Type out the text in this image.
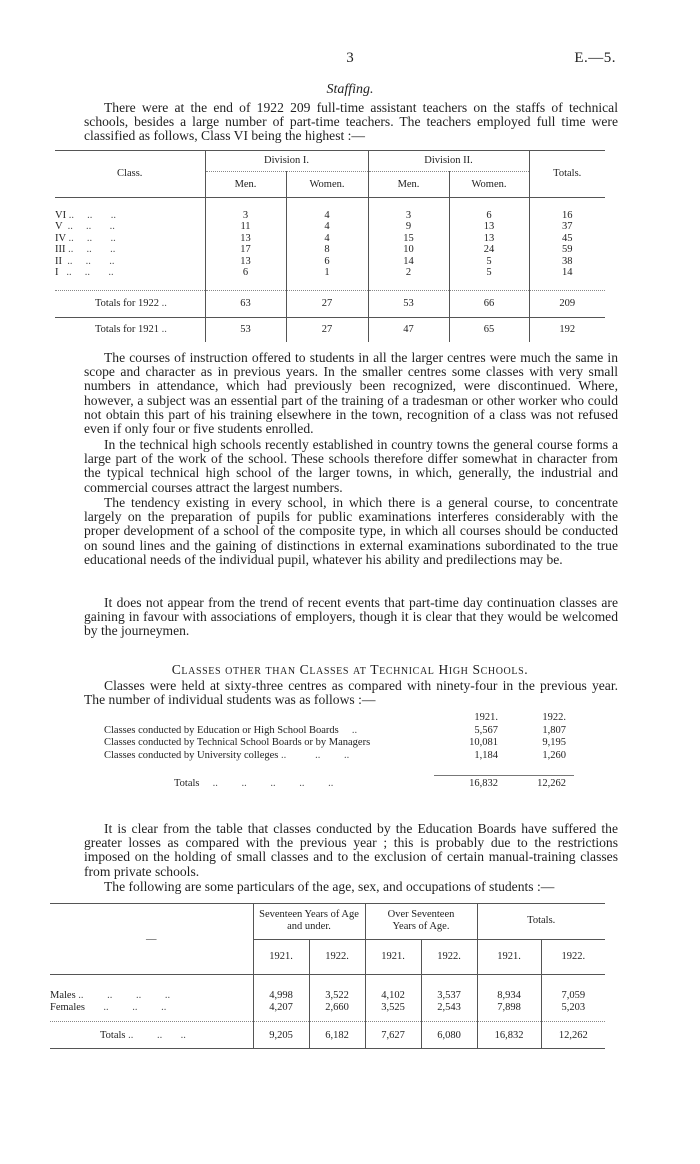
3	E.—5.
Staffing.

There were at the end of 1922 209 full-time assistant teachers on the staffs of technical schools, besides a large number of part-time teachers. The teachers employed full time were classified as follows, Class VI being the highest :—

Class.	Division I.		Division II.		Totals.
	Men.	Women.	Men.	Women.	

VI ..     ..       ..	3	4	3	6	16
V  ..     ..       ..	11	4	9	13	37
IV ..     ..       ..	13	4	15	13	45
III ..     ..       ..	17	8	10	24	59
II  ..     ..       ..	13	6	14	5	38
I   ..     ..       ..	6	1	2	5	14

Totals for 1922 ..	63	27	53	66	209
Totals for 1921 ..	53	27	47	65	192

The courses of instruction offered to students in all the larger centres were much the same in scope and character as in previous years. In the smaller centres some classes with very small numbers in attendance, which had previously been recognized, were discontinued. Where, however, a subject was an essential part of the training of a tradesman or other worker who could not obtain this part of his training elsewhere in the town, recognition of a class was not refused even if only four or five students enrolled.

In the technical high schools recently established in country towns the general course forms a large part of the work of the school. These schools therefore differ somewhat in character from the typical technical high school of the larger towns, in which, generally, the industrial and commercial courses attract the largest numbers.

The tendency existing in every school, in which there is a general course, to concentrate largely on the preparation of pupils for public examinations interferes considerably with the proper development of a school of the composite type, in which all courses should be conducted on sound lines and the gaining of distinctions in external examinations subordinated to the true educational needs of the individual pupil, whatever his ability and predilections may be.

It does not appear from the trend of recent events that part-time day continuation classes are gaining in favour with associations of employers, though it is clear that they would be welcomed by the journeymen.

Classes other than Classes at Technical High Schools.

Classes were held at sixty-three centres as compared with ninety-four in the previous year. The number of individual students was as follows :—

	1921.	1922.
Classes conducted by Education or High School Boards     ..	5,567	1,807
Classes conducted by Technical School Boards or by Managers	10,081	9,195
Classes conducted by University colleges ..           ..         ..	1,184	1,260

Totals     ..         ..         ..         ..         ..	16,832	12,262

It is clear from the table that classes conducted by the Education Boards have suffered the greater losses as compared with the previous year ; this is probably due to the restrictions imposed on the holding of small classes and to the exclusion of certain manual-training classes from private schools.

The following are some particulars of the age, sex, and occupations of students :—

—	Seventeen Years of Age and under.		Over Seventeen Years of Age.		Totals.	
	1921.	1922.	1921.	1922.	1921.	1922.

Males ..         ..         ..         ..	4,998	3,522	4,102	3,537	8,934	7,059
Females       ..         ..         ..	4,207	2,660	3,525	2,543	7,898	5,203

Totals ..         ..       ..	9,205	6,182	7,627	6,080	16,832	12,262
